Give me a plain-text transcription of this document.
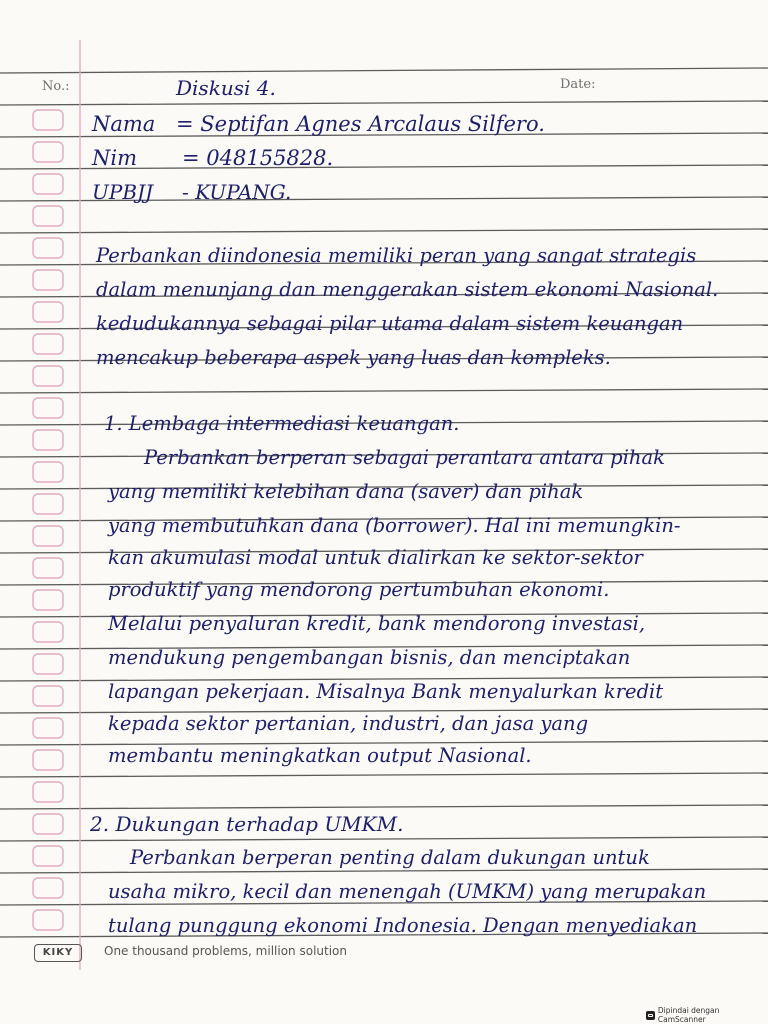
No.:	Date:
Diskusi 4.
Nama = Septifan Agnes Arcalaus Silfero.
Nim = 048155828.
UPBJJ - KUPANG.
Perbankan diindonesia memiliki peran yang sangat strategis
dalam menunjang dan menggerakan sistem ekonomi Nasional.
kedudukannya sebagai pilar utama dalam sistem keuangan
mencakup beberapa aspek yang luas dan kompleks.
1. Lembaga intermediasi keuangan.
Perbankan berperan sebagai perantara antara pihak
yang memiliki kelebihan dana (saver) dan pihak
yang membutuhkan dana (borrower). Hal ini memungkin-
kan akumulasi modal untuk dialirkan ke sektor-sektor
produktif yang mendorong pertumbuhan ekonomi.
Melalui penyaluran kredit, bank mendorong investasi,
mendukung pengembangan bisnis, dan menciptakan
lapangan pekerjaan. Misalnya Bank menyalurkan kredit
kepada sektor pertanian, industri, dan jasa yang
membantu meningkatkan output Nasional.
2. Dukungan terhadap UMKM.
Perbankan berperan penting dalam dukungan untuk
usaha mikro, kecil dan menengah (UMKM) yang merupakan
tulang punggung ekonomi Indonesia. Dengan menyediakan
KIKY	One thousand problems, million solution
Dipindai dengan CamScanner
